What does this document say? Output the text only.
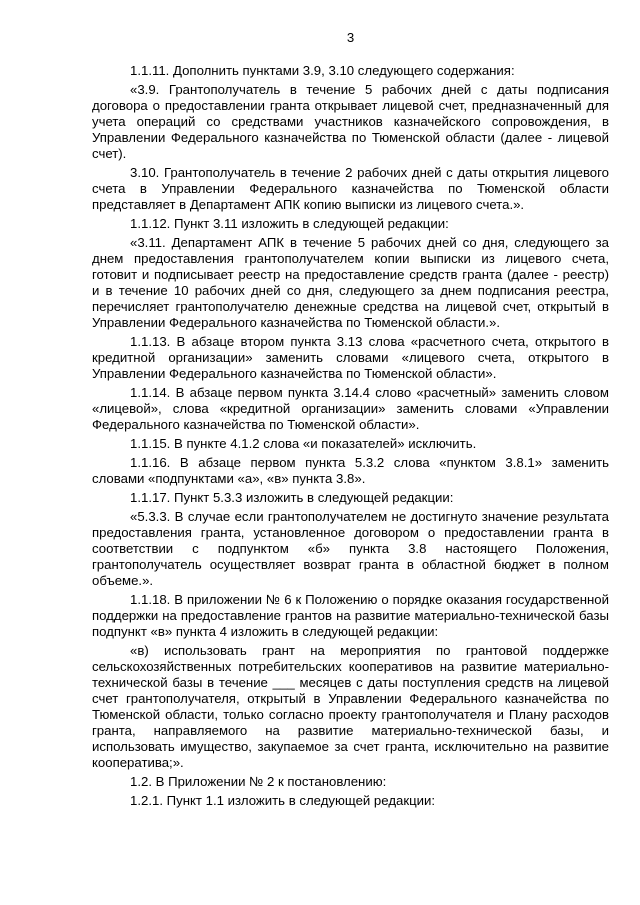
3

1.1.11. Дополнить пунктами 3.9, 3.10 следующего содержания:

«3.9. Грантополучатель в течение 5 рабочих дней с даты подписания договора о предоставлении гранта открывает лицевой счет, предназначенный для учета операций со средствами участников казначейского сопровождения, в Управлении Федерального казначейства по Тюменской области (далее - лицевой счет).

3.10. Грантополучатель в течение 2 рабочих дней с даты открытия лицевого счета в Управлении Федерального казначейства по Тюменской области представляет в Департамент АПК копию выписки из лицевого счета.».

1.1.12. Пункт 3.11 изложить в следующей редакции:

«3.11. Департамент АПК в течение 5 рабочих дней со дня, следующего за днем предоставления грантополучателем копии выписки из лицевого счета, готовит и подписывает реестр на предоставление средств гранта (далее - реестр) и в течение 10 рабочих дней со дня, следующего за днем подписания реестра, перечисляет грантополучателю денежные средства на лицевой счет, открытый в Управлении Федерального казначейства по Тюменской области.».

1.1.13. В абзаце втором пункта 3.13 слова «расчетного счета, открытого в кредитной организации» заменить словами «лицевого счета, открытого в Управлении Федерального казначейства по Тюменской области».

1.1.14. В абзаце первом пункта 3.14.4 слово «расчетный» заменить словом «лицевой», слова «кредитной организации» заменить словами «Управлении Федерального казначейства по Тюменской области».

1.1.15. В пункте 4.1.2 слова «и показателей» исключить.

1.1.16. В абзаце первом пункта 5.3.2 слова «пунктом 3.8.1» заменить словами «подпунктами «а», «в» пункта 3.8».

1.1.17. Пункт 5.3.3 изложить в следующей редакции:

«5.3.3. В случае если грантополучателем не достигнуто значение результата предоставления гранта, установленное договором о предоставлении гранта в соответствии с подпунктом «б» пункта 3.8 настоящего Положения, грантополучатель осуществляет возврат гранта в областной бюджет в полном объеме.».

1.1.18. В приложении № 6 к Положению о порядке оказания государственной поддержки на предоставление грантов на развитие материально-технической базы подпункт «в» пункта 4 изложить в следующей редакции:

«в) использовать грант на мероприятия по грантовой поддержке сельскохозяйственных потребительских кооперативов на развитие материально-технической базы в течение ___ месяцев с даты поступления средств на лицевой счет грантополучателя, открытый в Управлении Федерального казначейства по Тюменской области, только согласно проекту грантополучателя и Плану расходов гранта, направляемого на развитие материально-технической базы, и использовать имущество, закупаемое за счет гранта, исключительно на развитие кооператива;».

1.2. В Приложении № 2 к постановлению:

1.2.1. Пункт 1.1 изложить в следующей редакции:
